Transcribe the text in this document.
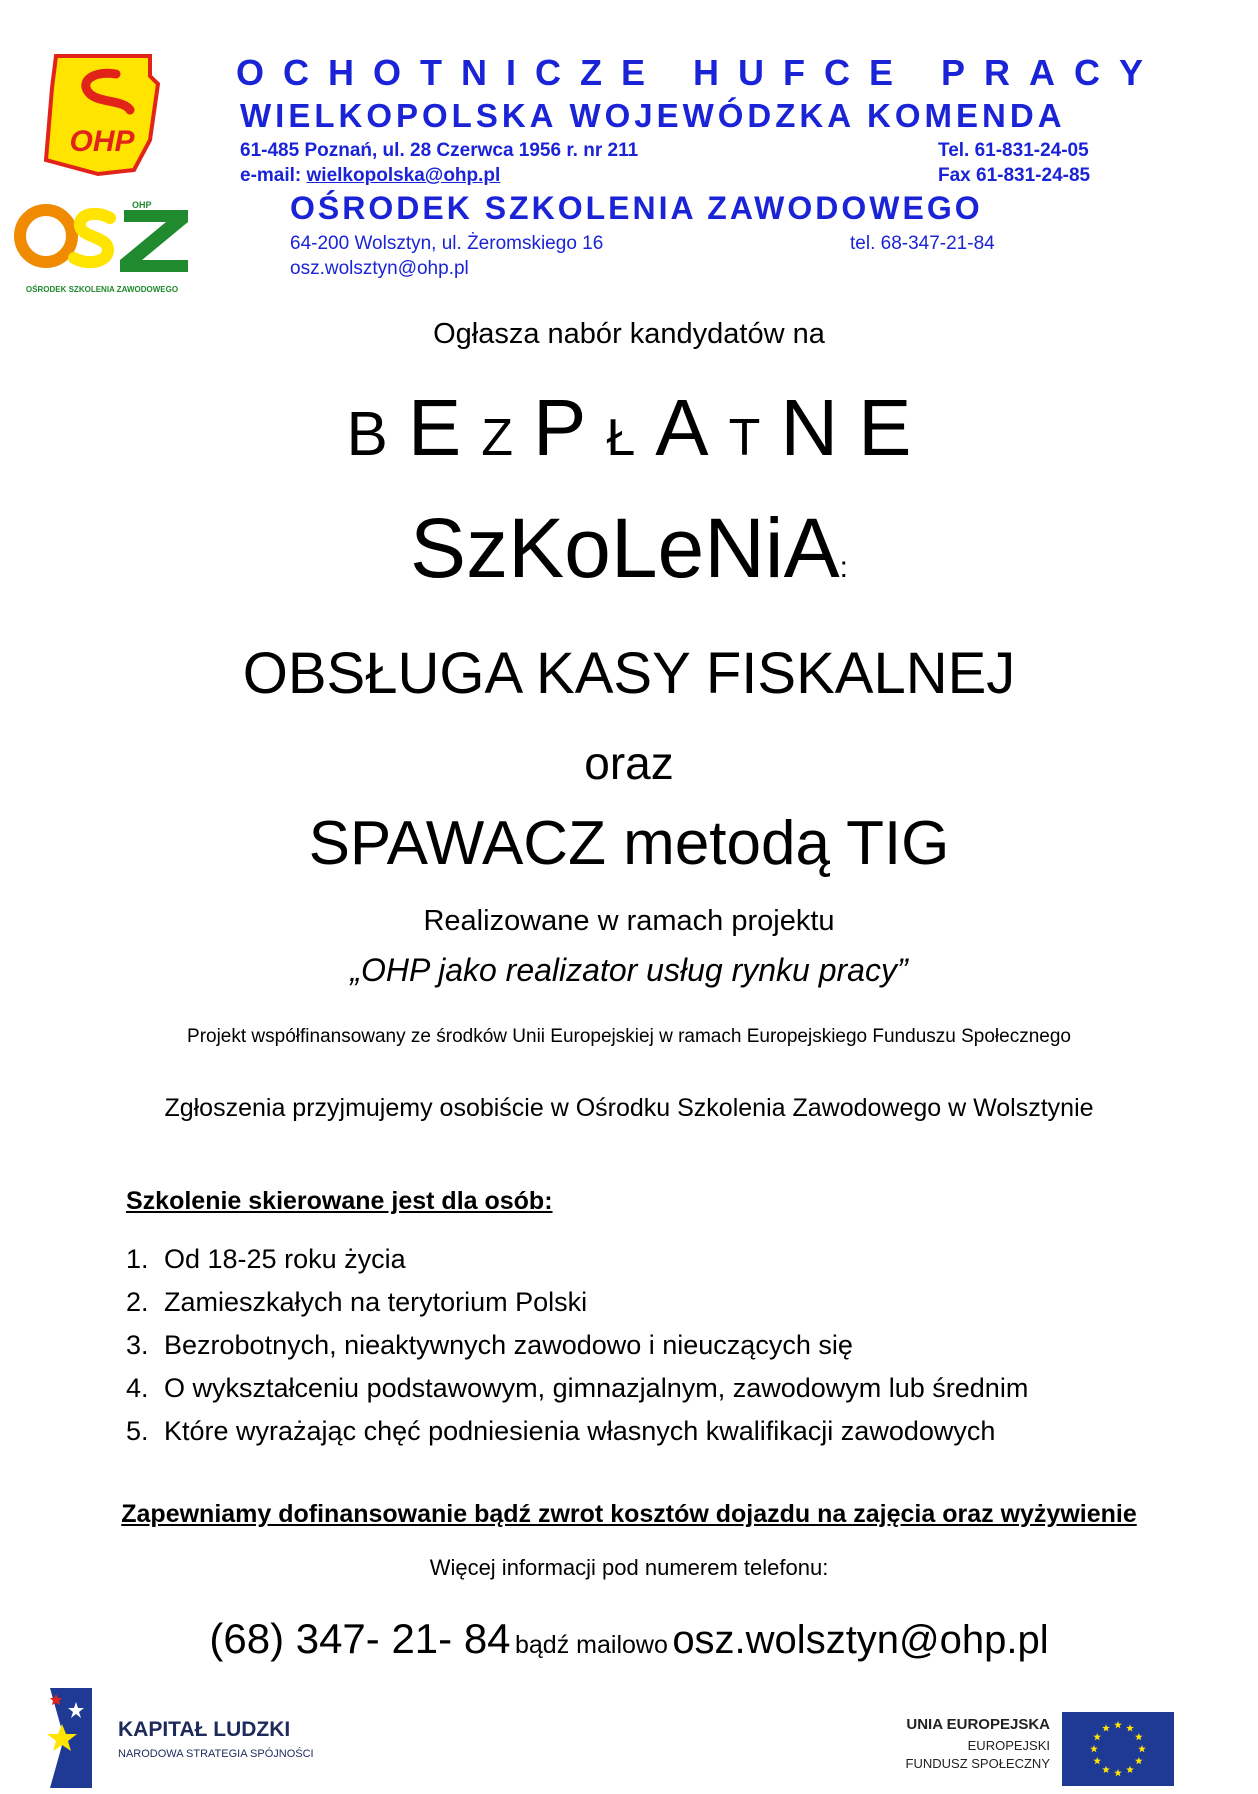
OHP
OHP
OŚRODEK SZKOLENIA ZAWODOWEGO
OCHOTNICZE HUFCE PRACY
WIELKOPOLSKA WOJEWÓDZKA KOMENDA
61-485 Poznań, ul. 28 Czerwca 1956 r. nr 211	Tel. 61-831-24-05
e-mail: wielkopolska@ohp.pl	Fax 61-831-24-85
OŚRODEK SZKOLENIA ZAWODOWEGO
64-200 Wolsztyn, ul. Żeromskiego 16	tel. 68-347-21-84
osz.wolsztyn@ohp.pl
Ogłasza nabór kandydatów na
B E Z P Ł A T N E
SzKoLeNiA:
OBSŁUGA KASY FISKALNEJ
oraz
SPAWACZ metodą TIG
Realizowane w ramach projektu
„OHP jako realizator usług rynku pracy”
Projekt współfinansowany ze środków Unii Europejskiej w ramach Europejskiego Funduszu Społecznego
Zgłoszenia przyjmujemy osobiście w Ośrodku Szkolenia Zawodowego w Wolsztynie
Szkolenie skierowane jest dla osób:
1. Od 18-25 roku życia
2. Zamieszkałych na terytorium Polski
3. Bezrobotnych, nieaktywnych zawodowo i nieuczących się
4. O wykształceniu podstawowym, gimnazjalnym, zawodowym lub średnim
5. Które wyrażając chęć podniesienia własnych kwalifikacji zawodowych
Zapewniamy dofinansowanie bądź zwrot kosztów dojazdu na zajęcia oraz wyżywienie
Więcej informacji pod numerem telefonu:
(68) 347- 21- 84 bądź mailowo osz.wolsztyn@ohp.pl
KAPITAŁ LUDZKI
NARODOWA STRATEGIA SPÓJNOŚCI
UNIA EUROPEJSKA
EUROPEJSKI
FUNDUSZ SPOŁECZNY
